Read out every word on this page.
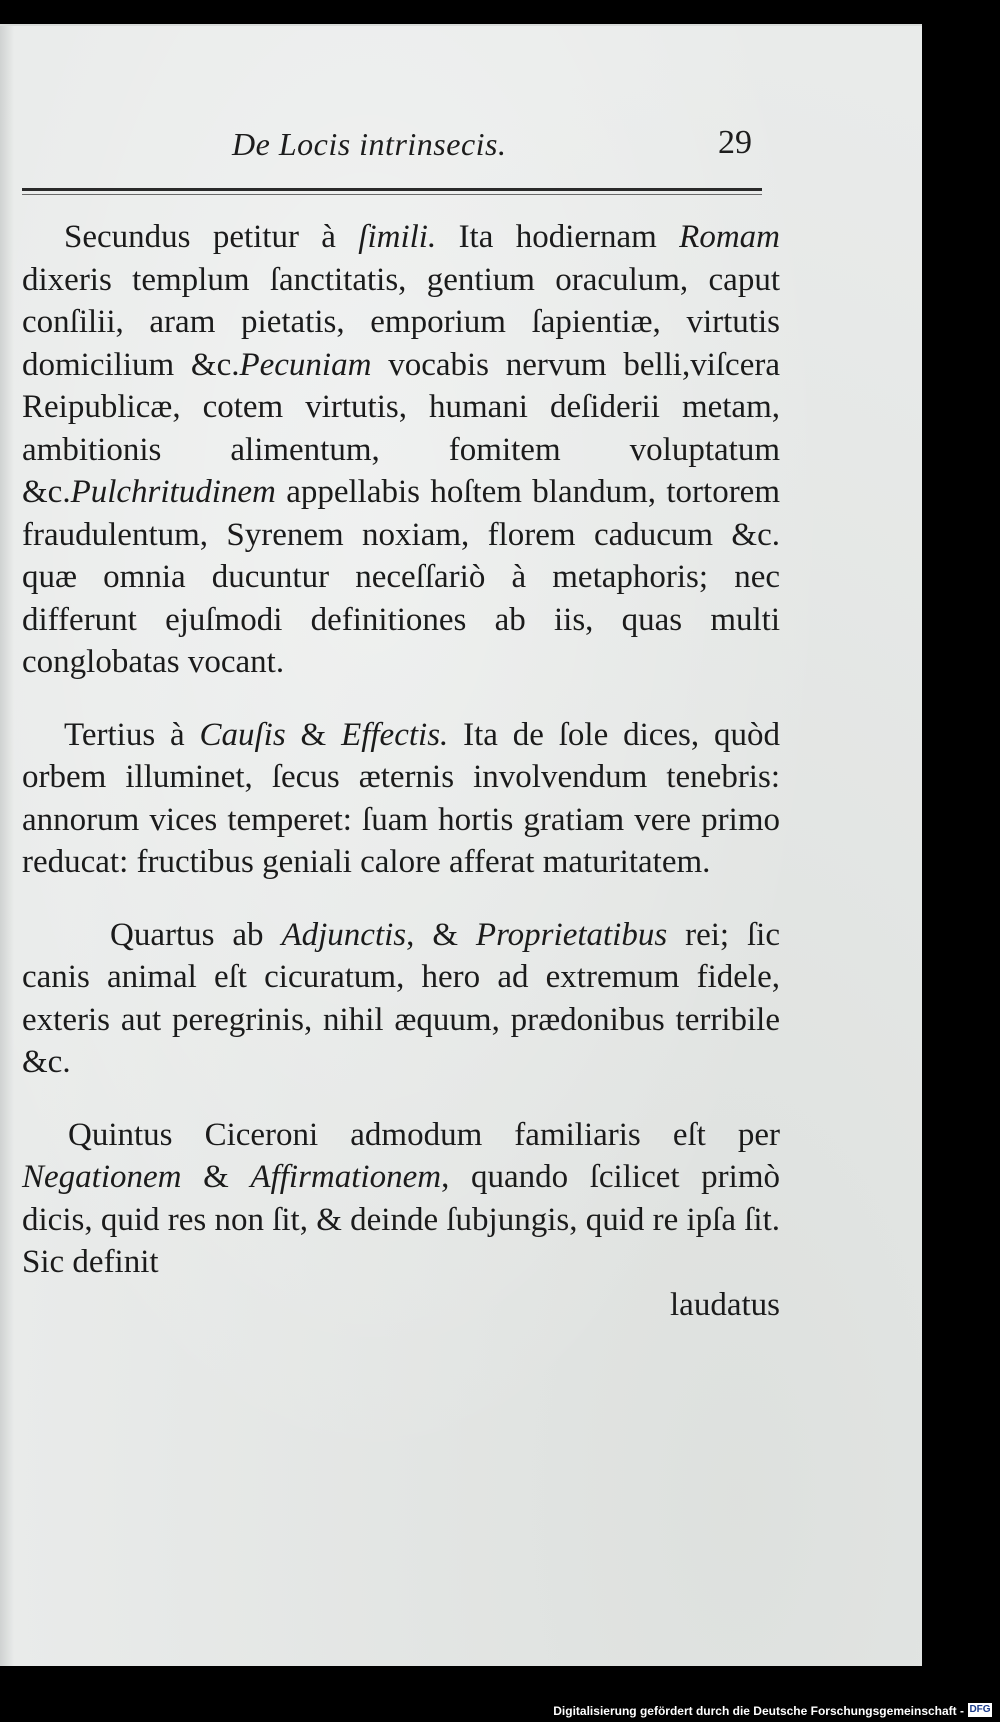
De Locis intrinsecis.	29

Secundus petitur à ſimili. Ita hodiernam Romam dixeris templum ſanctitatis, gentium oraculum, caput conſilii, aram pietatis, emporium ſapientiæ, virtutis domicilium &c.Pecuniam vocabis nervum belli,viſcera Reipublicæ, cotem virtutis, humani deſiderii metam, ambitionis alimentum, fomitem voluptatum &c.Pulchritudinem appellabis hoſtem blandum, tortorem fraudulentum, Syrenem noxiam, florem caducum &c. quæ omnia ducuntur neceſſariò à metaphoris; nec differunt ejuſmodi definitiones ab iis, quas multi conglobatas vocant.

Tertius à Cauſis & Effectis. Ita de ſole dices, quòd orbem illuminet, ſecus æternis involvendum tenebris: annorum vices temperet: ſuam hortis gratiam vere primo reducat: fructibus geniali calore afferat maturitatem.

Quartus ab Adjunctis, & Proprietatibus rei; ſic canis animal eſt cicuratum, hero ad extremum fidele, exteris aut peregrinis, nihil æquum, prædonibus terribile &c.

Quintus Ciceroni admodum familiaris eſt per Negationem & Affirmationem, quando ſcilicet primò dicis, quid res non ſit, & deinde ſubjungis, quid re ipſa ſit. Sic definit

laudatus

Digitalisierung gefördert durch die Deutsche Forschungsgemeinschaft - DFG
